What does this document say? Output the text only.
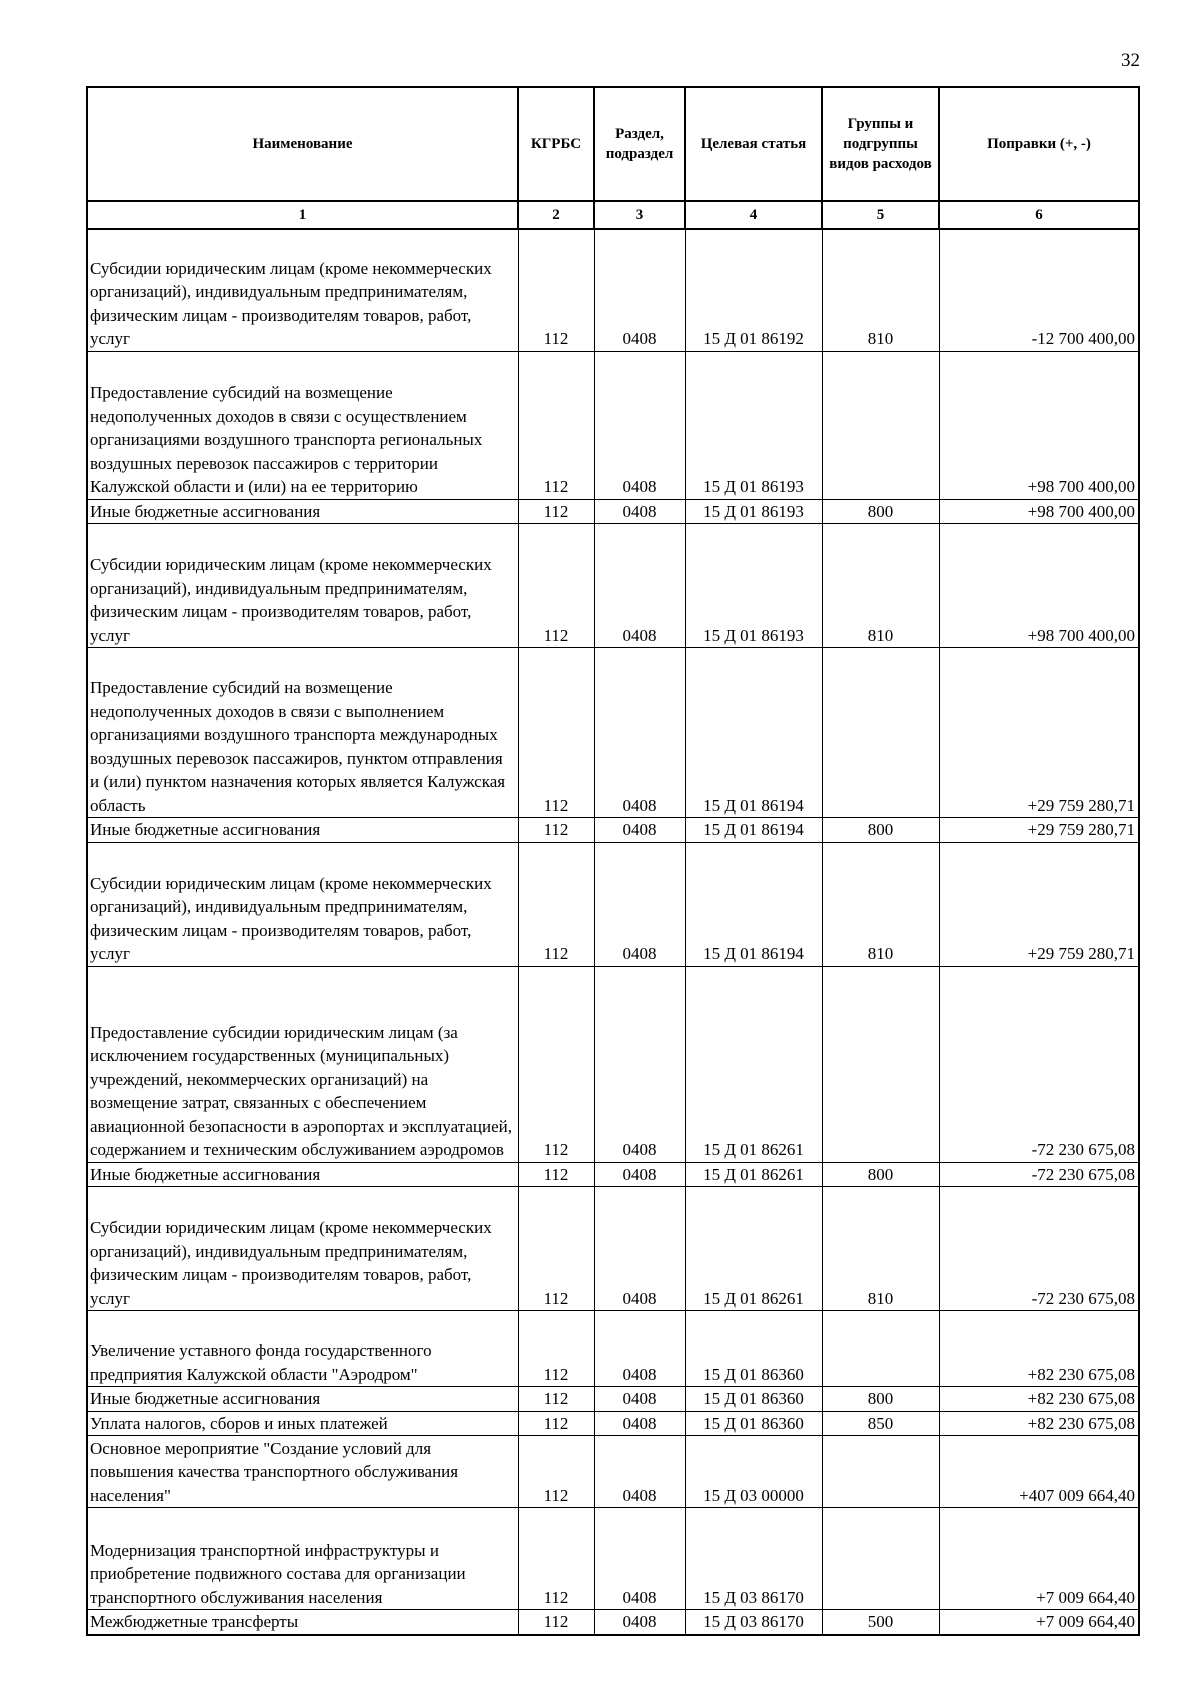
32
Наименование	КГРБС	Раздел, подраздел	Целевая статья	Группы и подгруппы видов расходов	Поправки (+, -)
1	2	3	4	5	6
Субсидии юридическим лицам (кроме некоммерческих организаций), индивидуальным предпринимателям, физическим лицам - производителям товаров, работ, услуг	112	0408	15 Д 01 86192	810	-12 700 400,00
Предоставление субсидий на возмещение недополученных доходов в связи с осуществлением организациями воздушного транспорта региональных воздушных перевозок пассажиров с территории Калужской области и (или) на ее территорию	112	0408	15 Д 01 86193		+98 700 400,00
Иные бюджетные ассигнования	112	0408	15 Д 01 86193	800	+98 700 400,00
Субсидии юридическим лицам (кроме некоммерческих организаций), индивидуальным предпринимателям, физическим лицам - производителям товаров, работ, услуг	112	0408	15 Д 01 86193	810	+98 700 400,00
Предоставление субсидий на возмещение недополученных доходов в связи с выполнением организациями воздушного транспорта международных воздушных перевозок пассажиров, пунктом отправления и (или) пунктом назначения которых является Калужская область	112	0408	15 Д 01 86194		+29 759 280,71
Иные бюджетные ассигнования	112	0408	15 Д 01 86194	800	+29 759 280,71
Субсидии юридическим лицам (кроме некоммерческих организаций), индивидуальным предпринимателям, физическим лицам - производителям товаров, работ, услуг	112	0408	15 Д 01 86194	810	+29 759 280,71
Предоставление субсидии юридическим лицам (за исключением государственных (муниципальных) учреждений, некоммерческих организаций) на возмещение затрат, связанных с обеспечением авиационной безопасности в аэропортах и эксплуатацией, содержанием и техническим обслуживанием аэродромов	112	0408	15 Д 01 86261		-72 230 675,08
Иные бюджетные ассигнования	112	0408	15 Д 01 86261	800	-72 230 675,08
Субсидии юридическим лицам (кроме некоммерческих организаций), индивидуальным предпринимателям, физическим лицам - производителям товаров, работ, услуг	112	0408	15 Д 01 86261	810	-72 230 675,08
Увеличение уставного фонда государственного предприятия Калужской области "Аэродром"	112	0408	15 Д 01 86360		+82 230 675,08
Иные бюджетные ассигнования	112	0408	15 Д 01 86360	800	+82 230 675,08
Уплата налогов, сборов и иных платежей	112	0408	15 Д 01 86360	850	+82 230 675,08
Основное мероприятие "Создание условий для повышения качества транспортного обслуживания населения"	112	0408	15 Д 03 00000		+407 009 664,40
Модернизация транспортной инфраструктуры и приобретение подвижного состава для организации транспортного обслуживания населения	112	0408	15 Д 03 86170		+7 009 664,40
Межбюджетные трансферты	112	0408	15 Д 03 86170	500	+7 009 664,40
